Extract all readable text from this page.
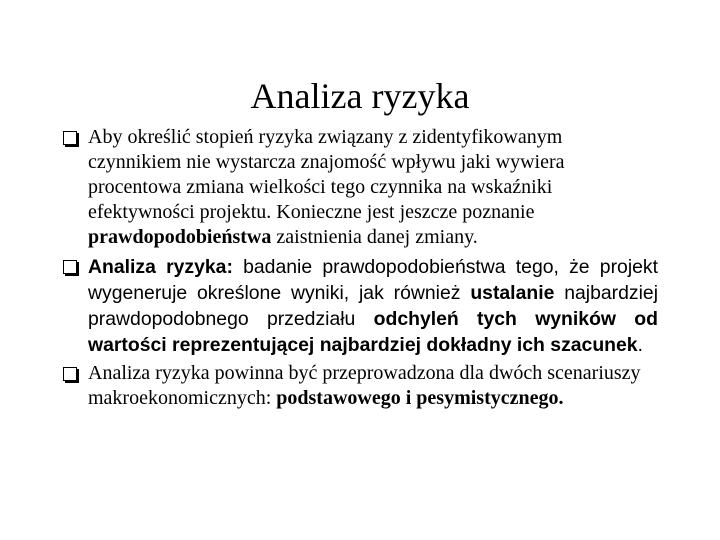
Analiza ryzyka
Aby określić stopień ryzyka związany z zidentyfikowanym czynnikiem nie wystarcza znajomość wpływu jaki wywiera procentowa zmiana wielkości tego czynnika na wskaźniki efektywności projektu. Konieczne jest jeszcze poznanie prawdopodobieństwa zaistnienia danej zmiany.
Analiza ryzyka: badanie prawdopodobieństwa tego, że projekt wygeneruje określone wyniki, jak również ustalanie najbardziej prawdopodobnego przedziału odchyleń tych wyników od wartości reprezentującej najbardziej dokładny ich szacunek.
Analiza ryzyka powinna być przeprowadzona dla dwóch scenariuszy makroekonomicznych: podstawowego i pesymistycznego.
